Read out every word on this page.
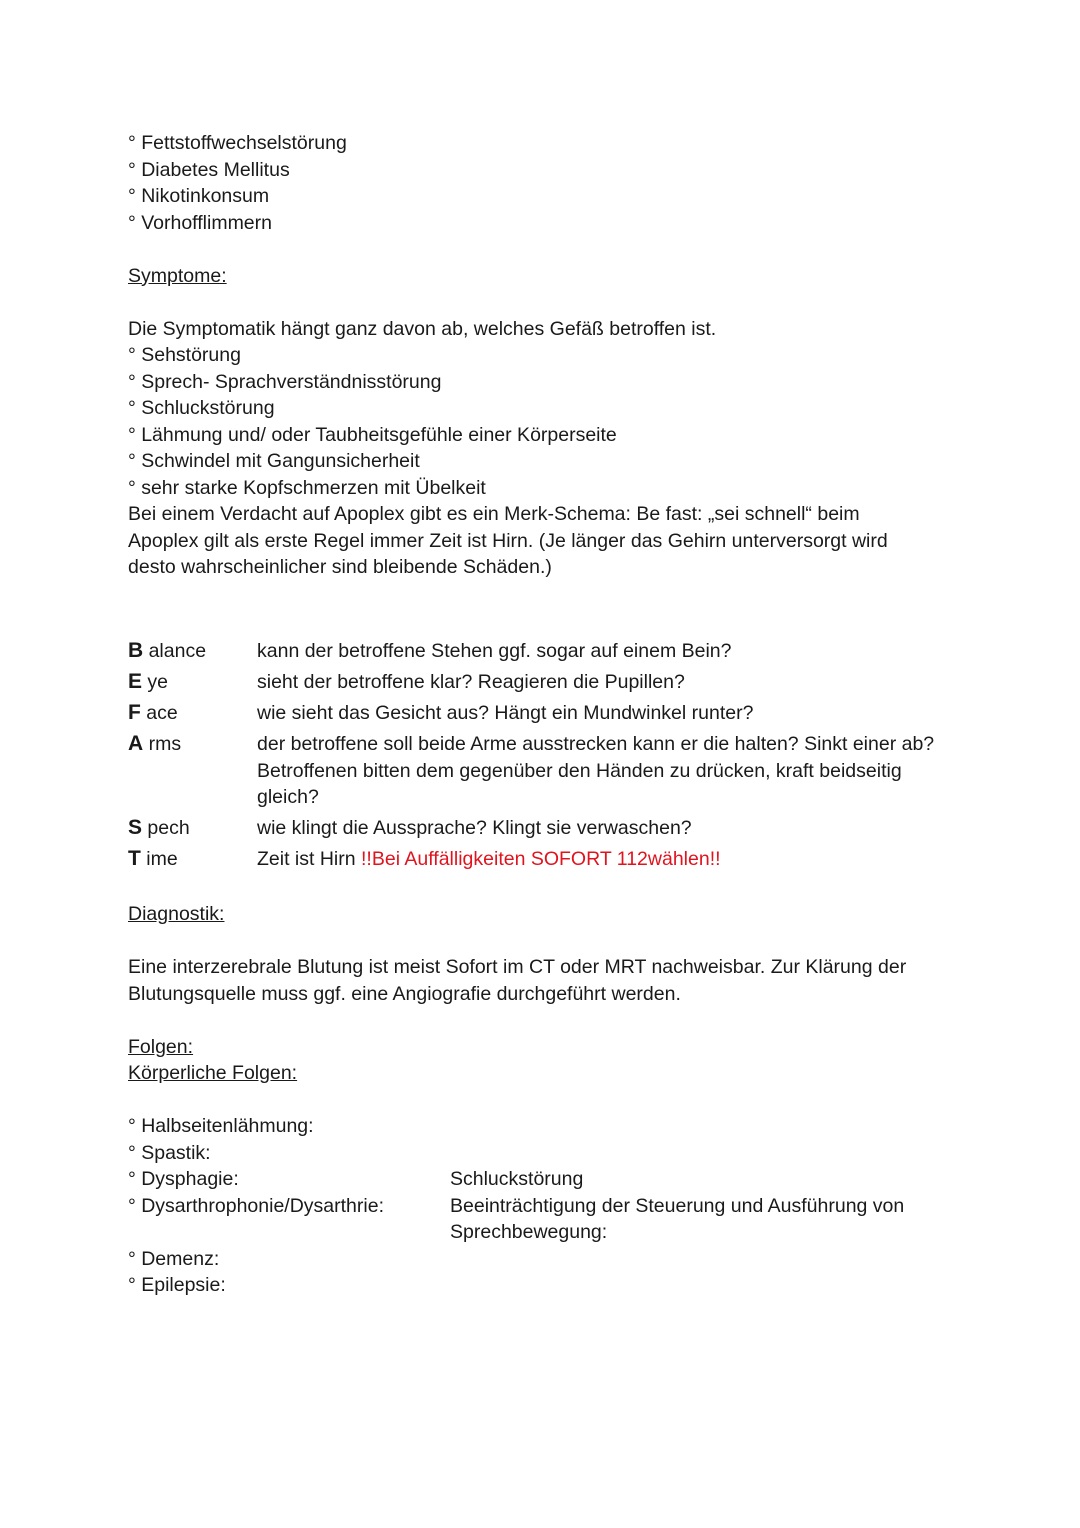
° Fettstoffwechselstörung
° Diabetes Mellitus
° Nikotinkonsum
° Vorhofflimmern
Symptome:
Die Symptomatik hängt ganz davon ab, welches Gefäß betroffen ist.
° Sehstörung
° Sprech- Sprachverständnisstörung
° Schluckstörung
° Lähmung und/ oder Taubheitsgefühle einer Körperseite
° Schwindel mit Gangunsicherheit
° sehr starke Kopfschmerzen mit Übelkeit
Bei einem Verdacht auf Apoplex gibt es ein Merk-Schema: Be fast: „sei schnell“ beim
Apoplex gilt als erste Regel immer Zeit ist Hirn. (Je länger das Gehirn unterversorgt wird
desto wahrscheinlicher sind bleibende Schäden.)
B alance	kann der betroffene Stehen ggf. sogar auf einem Bein?
E ye	sieht der betroffene klar? Reagieren die Pupillen?
F ace	wie sieht das Gesicht aus? Hängt ein Mundwinkel runter?
A rms	der betroffene soll beide Arme ausstrecken kann er die halten? Sinkt einer ab? Betroffenen bitten dem gegenüber den Händen zu drücken, kraft beidseitig gleich?
S pech	wie klingt die Aussprache? Klingt sie verwaschen?
T ime	Zeit ist Hirn !!Bei Auffälligkeiten SOFORT 112wählen!!
Diagnostik:
Eine interzerebrale Blutung ist meist Sofort im CT oder MRT nachweisbar. Zur Klärung der
Blutungsquelle muss ggf. eine Angiografie durchgeführt werden.
Folgen:
Körperliche Folgen:
° Halbseitenlähmung:
° Spastik:
° Dysphagie:	Schluckstörung
° Dysarthrophonie/Dysarthrie:	Beeinträchtigung der Steuerung und Ausführung von Sprechbewegung:
° Demenz:
° Epilepsie:
